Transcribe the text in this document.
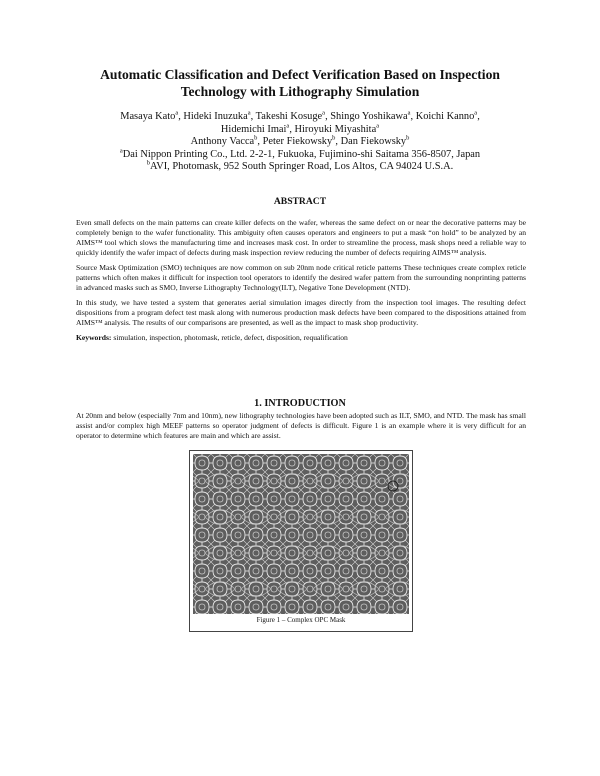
Automatic Classification and Defect Verification Based on Inspection
Technology with Lithography Simulation
Masaya Kato$^a$, Hideki Inuzuka$^a$, Takeshi Kosuge$^a$, Shingo Yoshikawa$^a$, Koichi Kanno$^a$,
Hidemichi Imai$^a$, Hiroyuki Miyashita$^a$
Anthony Vacca$^b$, Peter Fiekowsky$^b$, Dan Fiekowsky$^b$
$^a$Dai Nippon Printing Co., Ltd. 2-2-1, Fukuoka, Fujimino-shi Saitama 356-8507, Japan
$^b$AVI, Photomask, 952 South Springer Road, Los Altos, CA 94024 U.S.A.
ABSTRACT

Even small defects on the main patterns can create killer defects on the wafer, whereas the same defect on or near the decorative patterns may be completely benign to the wafer functionality. This ambiguity often causes operators and engineers to put a mask “on hold” to be analyzed by an AIMS™ tool which slows the manufacturing time and increases mask cost. In order to streamline the process, mask shops need a reliable way to quickly identify the wafer impact of defects during mask inspection review reducing the number of defects requiring AIMS™ analysis.

Source Mask Optimization (SMO) techniques are now common on sub 20nm node critical reticle patterns These techniques create complex reticle patterns which often makes it difficult for inspection tool operators to identify the desired wafer pattern from the surrounding nonprinting patterns in advanced masks such as SMO, Inverse Lithography Technology(ILT), Negative Tone Development (NTD).

In this study, we have tested a system that generates aerial simulation images directly from the inspection tool images. The resulting defect dispositions from a program defect test mask along with numerous production mask defects have been compared to the dispositions attained from AIMS™ analysis. The results of our comparisons are presented, as well as the impact to mask shop productivity.

Keywords: simulation, inspection, photomask, reticle, defect, disposition, requalification

1. INTRODUCTION

At 20nm and below (especially 7nm and 10nm), new lithography technologies have been adopted such as ILT, SMO, and NTD. The mask has small assist and/or complex high MEEF patterns so operator judgment of defects is difficult. Figure 1 is an example where it is very difficult for an operator to determine which features are main and which are assist.

Figure 1 – Complex OPC Mask
